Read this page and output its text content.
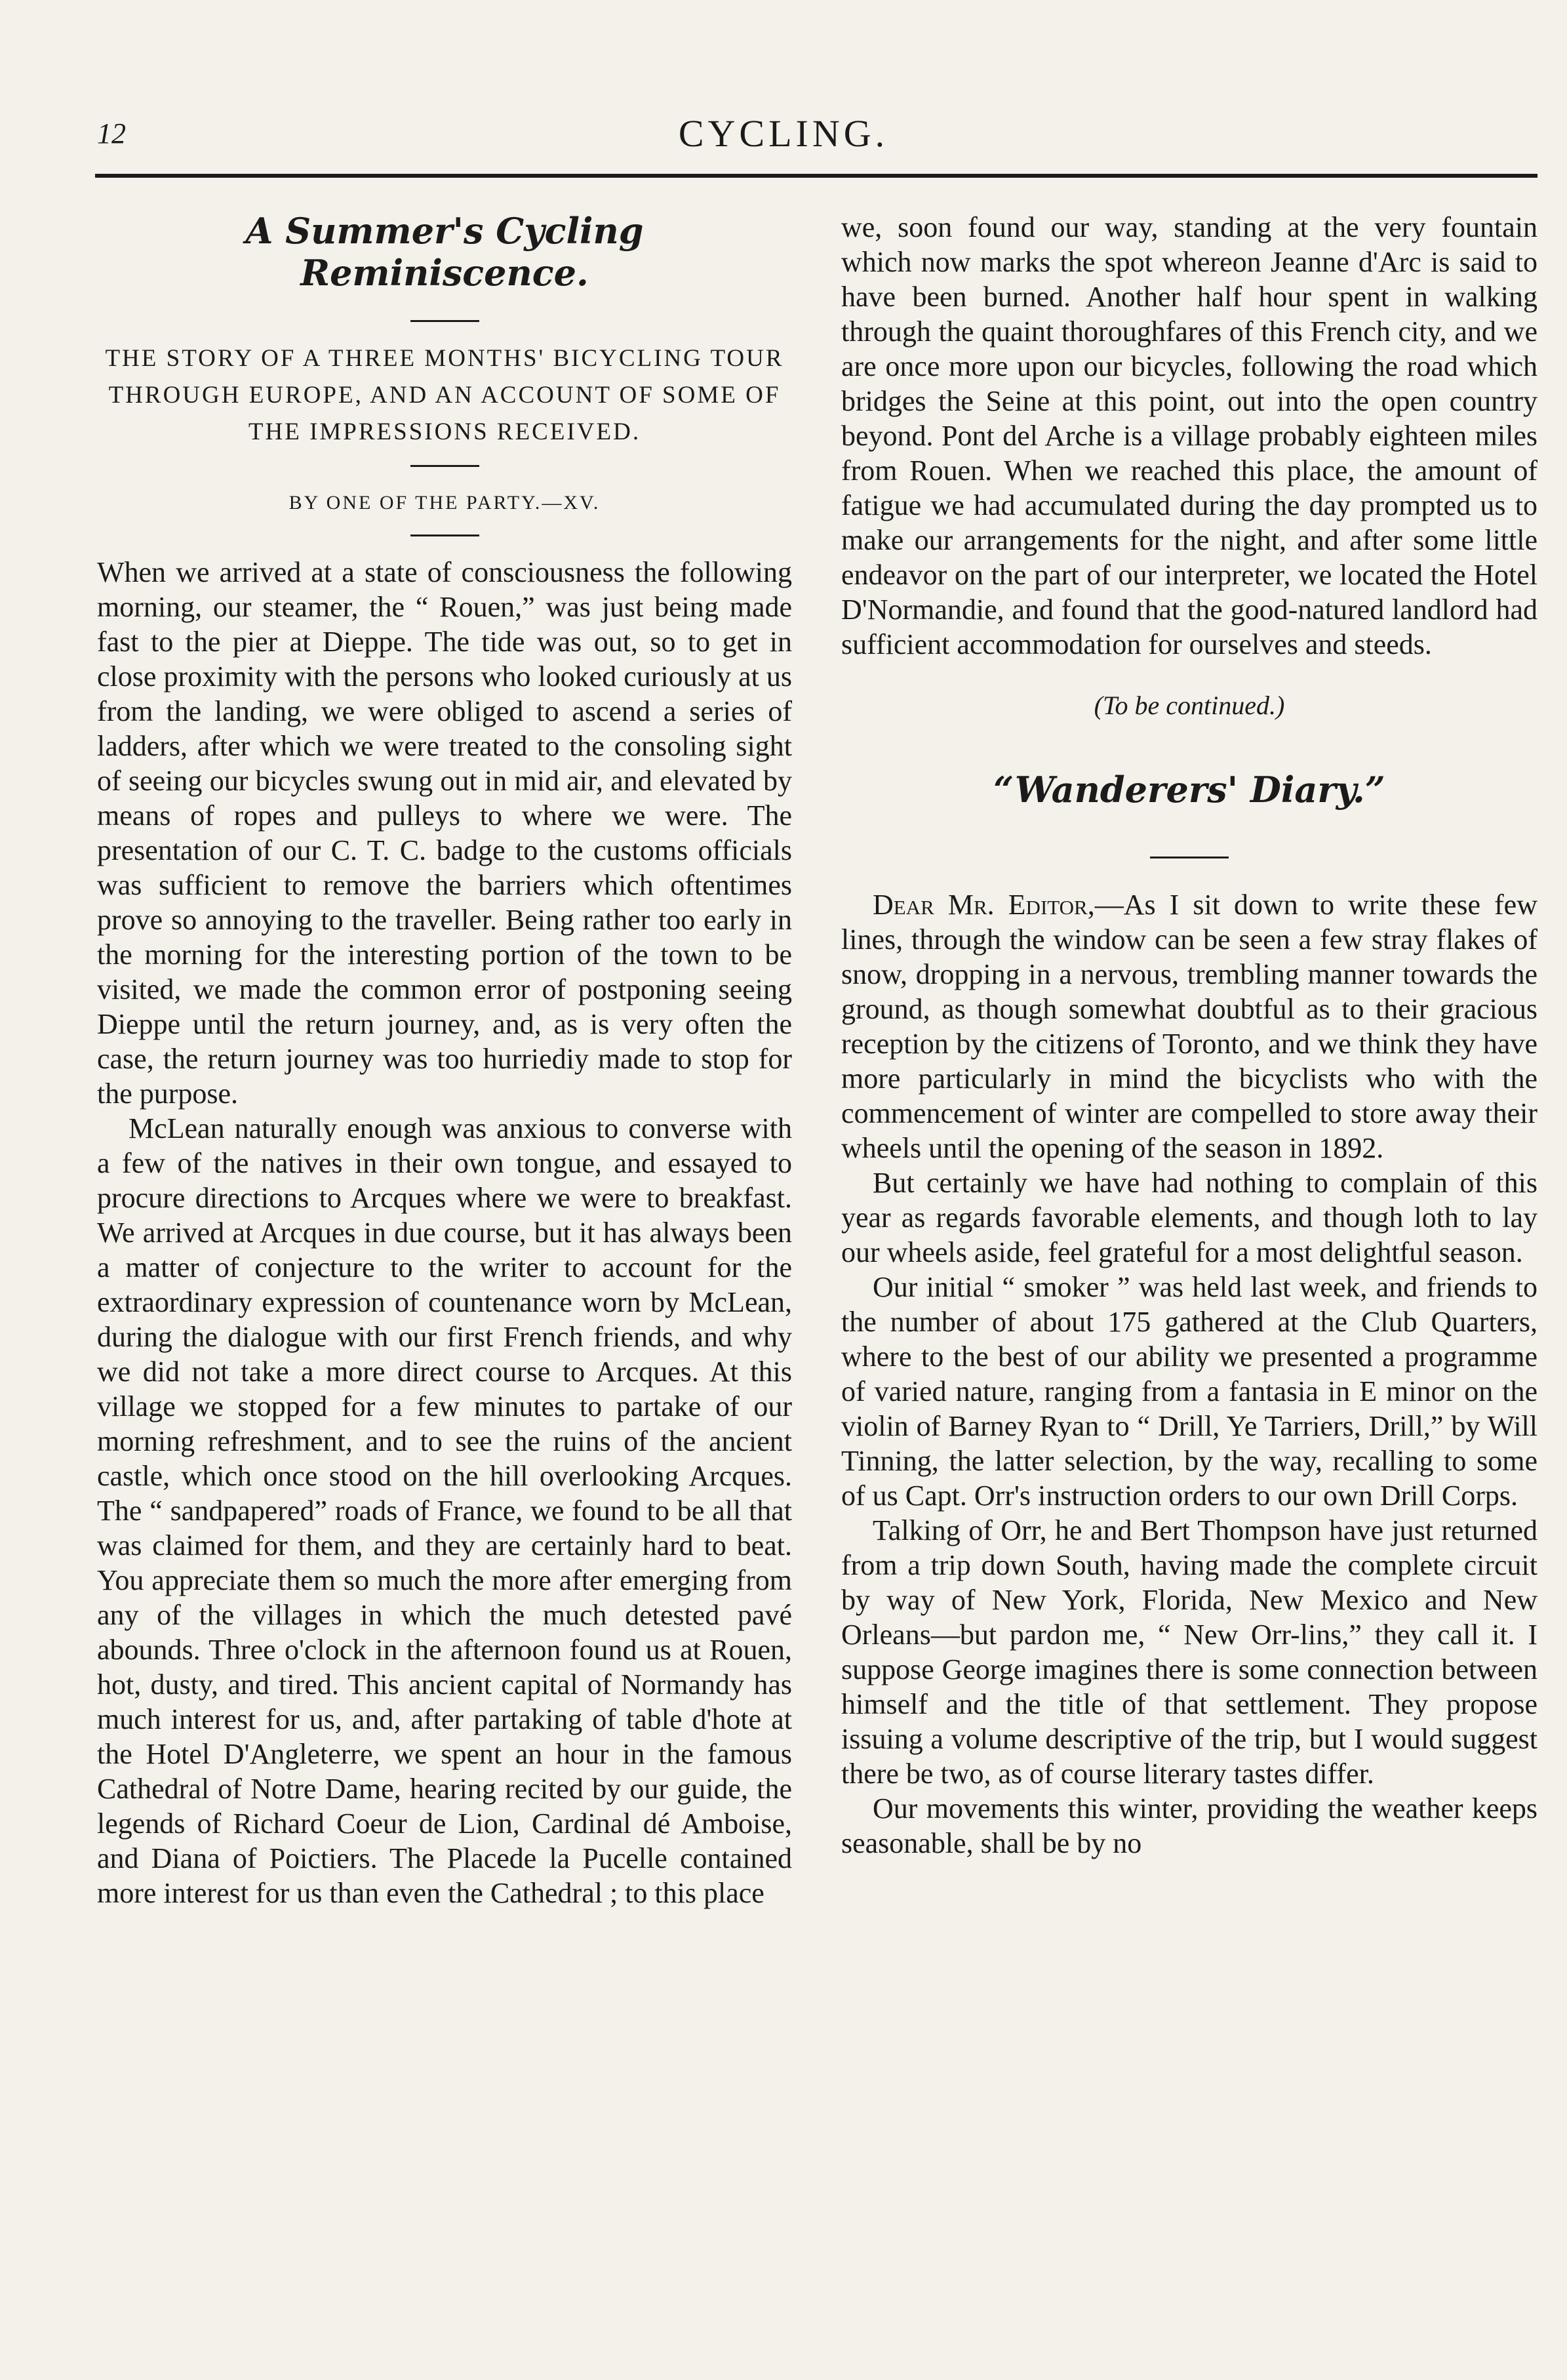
12	CYCLING.
A Summer's Cycling Reminiscence.
THE STORY OF A THREE MONTHS' BICYCLING TOUR THROUGH EUROPE, AND AN ACCOUNT OF SOME OF THE IMPRESSIONS RECEIVED.
BY ONE OF THE PARTY.—XV.

When we arrived at a state of consciousness the following morning, our steamer, the “ Rouen,” was just being made fast to the pier at Dieppe. The tide was out, so to get in close proximity with the persons who looked curiously at us from the landing, we were obliged to ascend a series of ladders, after which we were treated to the consoling sight of seeing our bicycles swung out in mid air, and elevated by means of ropes and pulleys to where we were. The presentation of our C. T. C. badge to the customs officials was sufficient to remove the barriers which oftentimes prove so annoying to the traveller. Being rather too early in the morning for the interesting portion of the town to be visited, we made the common error of postponing seeing Dieppe until the return journey, and, as is very often the case, the return journey was too hurriediy made to stop for the purpose.

McLean naturally enough was anxious to converse with a few of the natives in their own tongue, and essayed to procure directions to Arcques where we were to breakfast. We arrived at Arcques in due course, but it has always been a matter of conjecture to the writer to account for the extraordinary expression of countenance worn by McLean, during the dialogue with our first French friends, and why we did not take a more direct course to Arcques. At this village we stopped for a few minutes to partake of our morning refreshment, and to see the ruins of the ancient castle, which once stood on the hill overlooking Arcques. The “ sandpapered” roads of France, we found to be all that was claimed for them, and they are certainly hard to beat. You appreciate them so much the more after emerging from any of the villages in which the much detested pavé abounds. Three o'clock in the afternoon found us at Rouen, hot, dusty, and tired. This ancient capital of Normandy has much interest for us, and, after partaking of table d'hote at the Hotel D'Angleterre, we spent an hour in the famous Cathedral of Notre Dame, hearing recited by our guide, the legends of Richard Coeur de Lion, Cardinal dé Amboise, and Diana of Poictiers. The Placede la Pucelle contained more interest for us than even the Cathedral ; to this place

we, soon found our way, standing at the very fountain which now marks the spot whereon Jeanne d'Arc is said to have been burned. Another half hour spent in walking through the quaint thoroughfares of this French city, and we are once more upon our bicycles, following the road which bridges the Seine at this point, out into the open country beyond. Pont del Arche is a village probably eighteen miles from Rouen. When we reached this place, the amount of fatigue we had accumulated during the day prompted us to make our arrangements for the night, and after some little endeavor on the part of our interpreter, we located the Hotel D'Normandie, and found that the good-natured landlord had sufficient accommodation for ourselves and steeds.

(To be continued.)
“Wanderers' Diary.”

Dear Mr. Editor,—As I sit down to write these few lines, through the window can be seen a few stray flakes of snow, dropping in a nervous, trembling manner towards the ground, as though somewhat doubtful as to their gracious reception by the citizens of Toronto, and we think they have more particularly in mind the bicyclists who with the commencement of winter are compelled to store away their wheels until the opening of the season in 1892.

But certainly we have had nothing to complain of this year as regards favorable elements, and though loth to lay our wheels aside, feel grateful for a most delightful season.

Our initial “ smoker ” was held last week, and friends to the number of about 175 gathered at the Club Quarters, where to the best of our ability we presented a programme of varied nature, ranging from a fantasia in E minor on the violin of Barney Ryan to “ Drill, Ye Tarriers, Drill,” by Will Tinning, the latter selection, by the way, recalling to some of us Capt. Orr's instruction orders to our own Drill Corps.

Talking of Orr, he and Bert Thompson have just returned from a trip down South, having made the complete circuit by way of New York, Florida, New Mexico and New Orleans—but pardon me, “ New Orr-lins,” they call it. I suppose George imagines there is some connection between himself and the title of that settlement. They propose issuing a volume descriptive of the trip, but I would suggest there be two, as of course literary tastes differ.

Our movements this winter, providing the weather keeps seasonable, shall be by no
